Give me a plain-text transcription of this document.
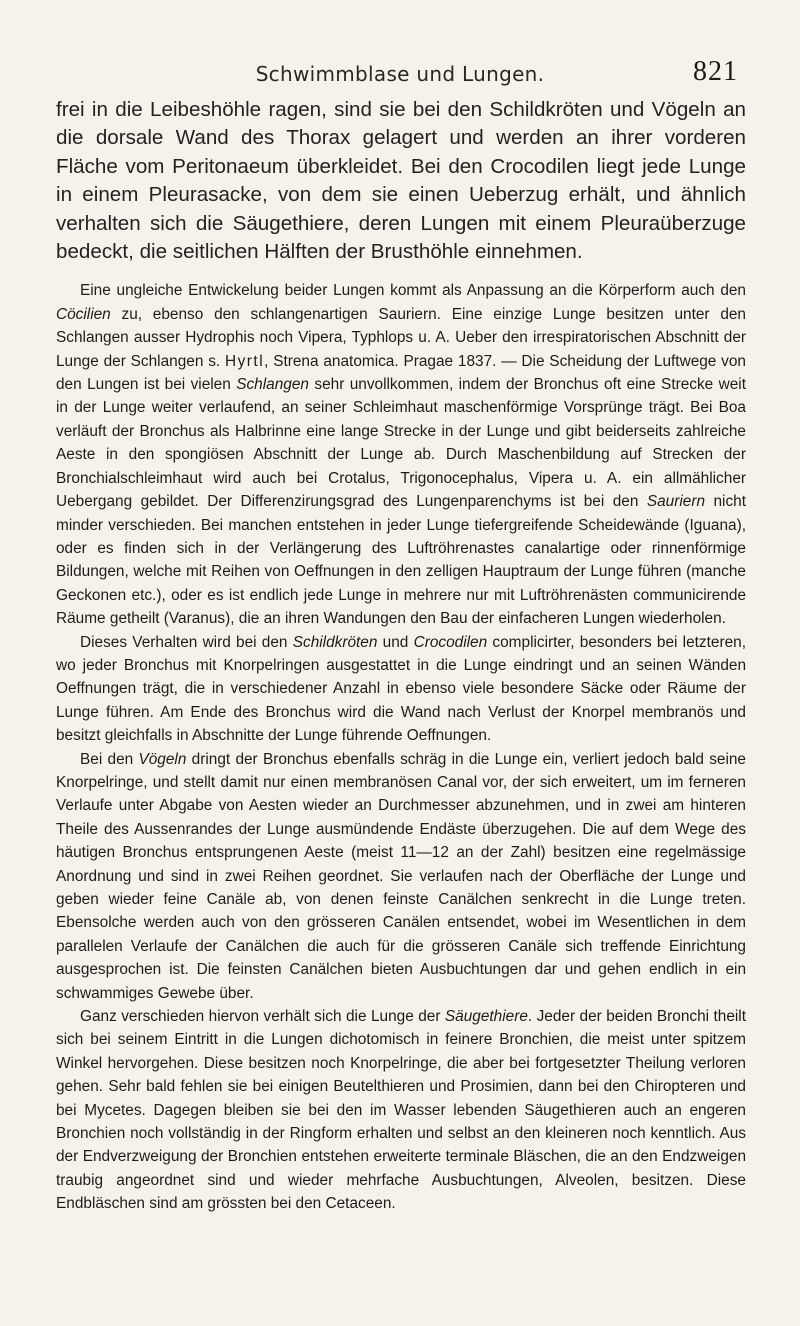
Schwimmblase und Lungen.	821

frei in die Leibeshöhle ragen, sind sie bei den Schildkröten und Vögeln an die dorsale Wand des Thorax gelagert und werden an ihrer vorderen Fläche vom Peritonaeum überkleidet. Bei den Crocodilen liegt jede Lunge in einem Pleurasacke, von dem sie einen Ueberzug erhält, und ähnlich verhalten sich die Säugethiere, deren Lungen mit einem Pleuraüberzuge bedeckt, die seitlichen Hälften der Brusthöhle einnehmen.

Eine ungleiche Entwickelung beider Lungen kommt als Anpassung an die Körperform auch den Cöcilien zu, ebenso den schlangenartigen Sauriern. Eine einzige Lunge besitzen unter den Schlangen ausser Hydrophis noch Vipera, Typhlops u. A. Ueber den irrespiratorischen Abschnitt der Lunge der Schlangen s. Hyrtl, Strena anatomica. Pragae 1837. — Die Scheidung der Luftwege von den Lungen ist bei vielen Schlangen sehr unvollkommen, indem der Bronchus oft eine Strecke weit in der Lunge weiter verlaufend, an seiner Schleimhaut maschenförmige Vorsprünge trägt. Bei Boa verläuft der Bronchus als Halbrinne eine lange Strecke in der Lunge und gibt beiderseits zahlreiche Aeste in den spongiösen Abschnitt der Lunge ab. Durch Maschenbildung auf Strecken der Bronchialschleimhaut wird auch bei Crotalus, Trigonocephalus, Vipera u. A. ein allmählicher Uebergang gebildet. Der Differenzirungsgrad des Lungenparenchyms ist bei den Sauriern nicht minder verschieden. Bei manchen entstehen in jeder Lunge tiefergreifende Scheidewände (Iguana), oder es finden sich in der Verlängerung des Luftröhrenastes canalartige oder rinnenförmige Bildungen, welche mit Reihen von Oeffnungen in den zelligen Hauptraum der Lunge führen (manche Geckonen etc.), oder es ist endlich jede Lunge in mehrere nur mit Luftröhrenästen communicirende Räume getheilt (Varanus), die an ihren Wandungen den Bau der einfacheren Lungen wiederholen.

Dieses Verhalten wird bei den Schildkröten und Crocodilen complicirter, besonders bei letzteren, wo jeder Bronchus mit Knorpelringen ausgestattet in die Lunge eindringt und an seinen Wänden Oeffnungen trägt, die in verschiedener Anzahl in ebenso viele besondere Säcke oder Räume der Lunge führen. Am Ende des Bronchus wird die Wand nach Verlust der Knorpel membranös und besitzt gleichfalls in Abschnitte der Lunge führende Oeffnungen.

Bei den Vögeln dringt der Bronchus ebenfalls schräg in die Lunge ein, verliert jedoch bald seine Knorpelringe, und stellt damit nur einen membranösen Canal vor, der sich erweitert, um im ferneren Verlaufe unter Abgabe von Aesten wieder an Durchmesser abzunehmen, und in zwei am hinteren Theile des Aussenrandes der Lunge ausmündende Endäste überzugehen. Die auf dem Wege des häutigen Bronchus entsprungenen Aeste (meist 11—12 an der Zahl) besitzen eine regelmässige Anordnung und sind in zwei Reihen geordnet. Sie verlaufen nach der Oberfläche der Lunge und geben wieder feine Canäle ab, von denen feinste Canälchen senkrecht in die Lunge treten. Ebensolche werden auch von den grösseren Canälen entsendet, wobei im Wesentlichen in dem parallelen Verlaufe der Canälchen die auch für die grösseren Canäle sich treffende Einrichtung ausgesprochen ist. Die feinsten Canälchen bieten Ausbuchtungen dar und gehen endlich in ein schwammiges Gewebe über.

Ganz verschieden hiervon verhält sich die Lunge der Säugethiere. Jeder der beiden Bronchi theilt sich bei seinem Eintritt in die Lungen dichotomisch in feinere Bronchien, die meist unter spitzem Winkel hervorgehen. Diese besitzen noch Knorpelringe, die aber bei fortgesetzter Theilung verloren gehen. Sehr bald fehlen sie bei einigen Beutelthieren und Prosimien, dann bei den Chiropteren und bei Mycetes. Dagegen bleiben sie bei den im Wasser lebenden Säugethieren auch an engeren Bronchien noch vollständig in der Ringform erhalten und selbst an den kleineren noch kenntlich. Aus der Endverzweigung der Bronchien entstehen erweiterte terminale Bläschen, die an den Endzweigen traubig angeordnet sind und wieder mehrfache Ausbuchtungen, Alveolen, besitzen. Diese Endbläschen sind am grössten bei den Cetaceen.
